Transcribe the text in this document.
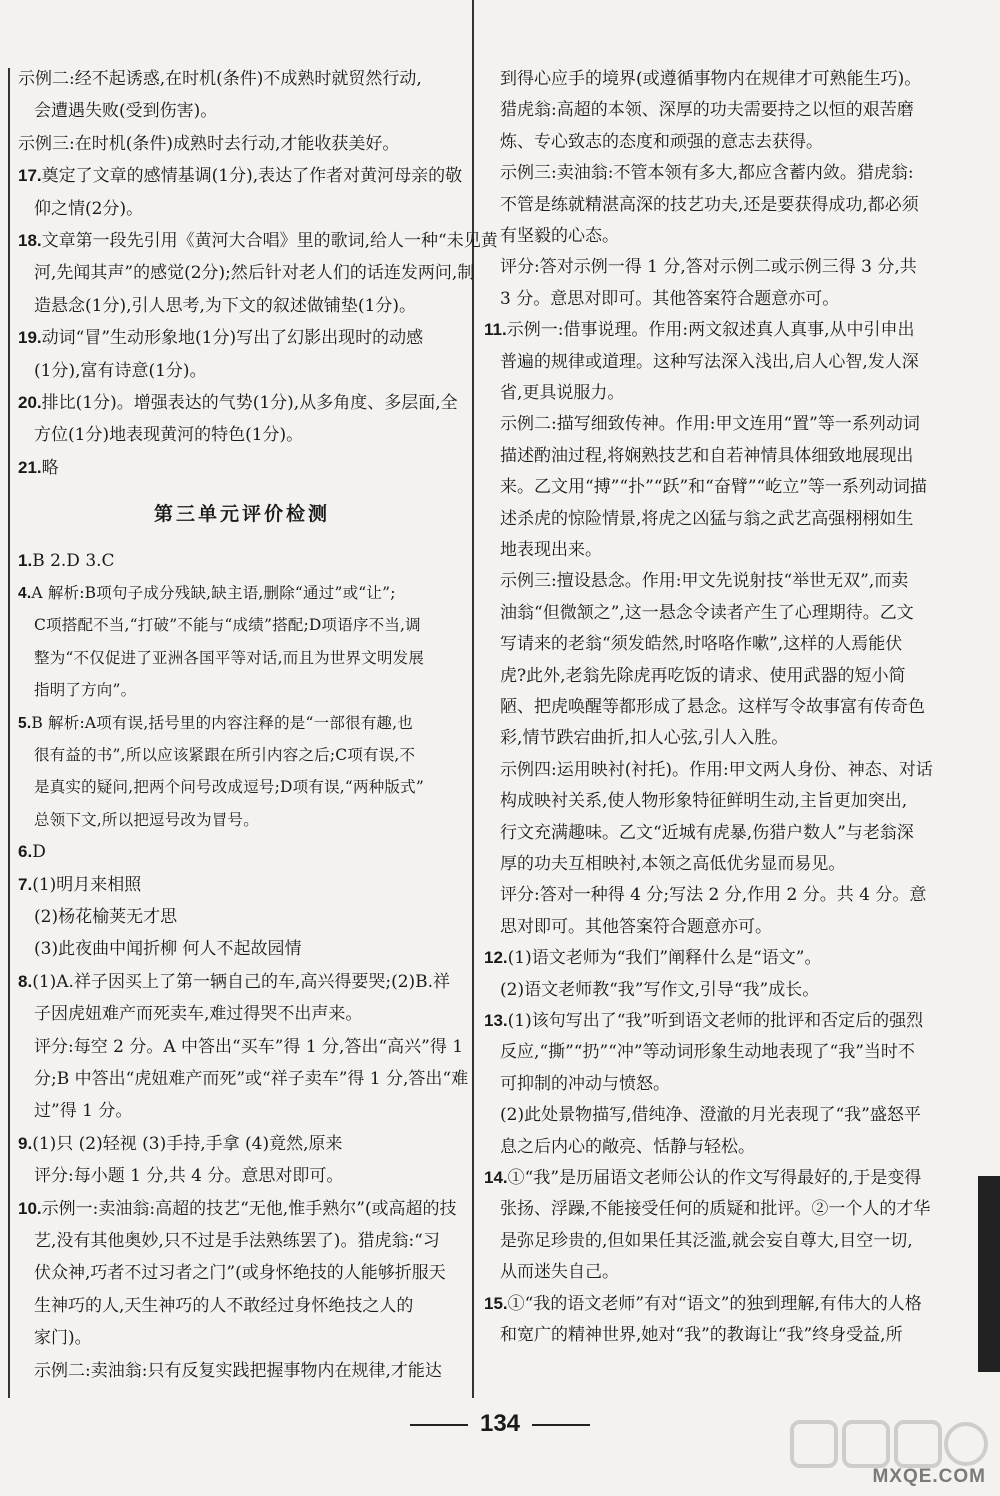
示例二:经不起诱惑,在时机(条件)不成熟时就贸然行动,
会遭遇失败(受到伤害)。
示例三:在时机(条件)成熟时去行动,才能收获美好。
17.奠定了文章的感情基调(1分),表达了作者对黄河母亲的敬
仰之情(2分)。
18.文章第一段先引用《黄河大合唱》里的歌词,给人一种“未见黄
河,先闻其声”的感觉(2分);然后针对老人们的话连发两问,制
造悬念(1分),引人思考,为下文的叙述做铺垫(1分)。
19.动词“冒”生动形象地(1分)写出了幻影出现时的动感
(1分),富有诗意(1分)。
20.排比(1分)。增强表达的气势(1分),从多角度、多层面,全
方位(1分)地表现黄河的特色(1分)。
21.略
第三单元评价检测
1.B 2.D 3.C
4.A 解析:B项句子成分残缺,缺主语,删除“通过”或“让”;
C项搭配不当,“打破”不能与“成绩”搭配;D项语序不当,调
整为“不仅促进了亚洲各国平等对话,而且为世界文明发展
指明了方向”。
5.B 解析:A项有误,括号里的内容注释的是“一部很有趣,也
很有益的书”,所以应该紧跟在所引内容之后;C项有误,不
是真实的疑问,把两个问号改成逗号;D项有误,“两种版式”
总领下文,所以把逗号改为冒号。
6.D
7.(1)明月来相照
(2)杨花榆荚无才思
(3)此夜曲中闻折柳 何人不起故园情
8.(1)A.祥子因买上了第一辆自己的车,高兴得要哭;(2)B.祥
子因虎妞难产而死卖车,难过得哭不出声来。
评分:每空 2 分。A 中答出“买车”得 1 分,答出“高兴”得 1
分;B 中答出“虎妞难产而死”或“祥子卖车”得 1 分,答出“难
过”得 1 分。
9.(1)只 (2)轻视 (3)手持,手拿 (4)竟然,原来
评分:每小题 1 分,共 4 分。意思对即可。
10.示例一:卖油翁:高超的技艺“无他,惟手熟尔”(或高超的技
艺,没有其他奥妙,只不过是手法熟练罢了)。猎虎翁:“习
伏众神,巧者不过习者之门”(或身怀绝技的人能够折服天
生神巧的人,天生神巧的人不敢经过身怀绝技之人的
家门)。
示例二:卖油翁:只有反复实践把握事物内在规律,才能达
到得心应手的境界(或遵循事物内在规律才可熟能生巧)。
猎虎翁:高超的本领、深厚的功夫需要持之以恒的艰苦磨
炼、专心致志的态度和顽强的意志去获得。
示例三:卖油翁:不管本领有多大,都应含蓄内敛。猎虎翁:
不管是练就精湛高深的技艺功夫,还是要获得成功,都必须
有坚毅的心态。
评分:答对示例一得 1 分,答对示例二或示例三得 3 分,共
3 分。意思对即可。其他答案符合题意亦可。
11.示例一:借事说理。作用:两文叙述真人真事,从中引申出
普遍的规律或道理。这种写法深入浅出,启人心智,发人深
省,更具说服力。
示例二:描写细致传神。作用:甲文连用“置”等一系列动词
描述酌油过程,将娴熟技艺和自若神情具体细致地展现出
来。乙文用“搏”“扑”“跃”和“奋臂”“屹立”等一系列动词描
述杀虎的惊险情景,将虎之凶猛与翁之武艺高强栩栩如生
地表现出来。
示例三:擅设悬念。作用:甲文先说射技“举世无双”,而卖
油翁“但微颔之”,这一悬念令读者产生了心理期待。乙文
写请来的老翁“须发皓然,时咯咯作嗽”,这样的人焉能伏
虎?此外,老翁先除虎再吃饭的请求、使用武器的短小简
陋、把虎唤醒等都形成了悬念。这样写令故事富有传奇色
彩,情节跌宕曲折,扣人心弦,引人入胜。
示例四:运用映衬(衬托)。作用:甲文两人身份、神态、对话
构成映衬关系,使人物形象特征鲜明生动,主旨更加突出,
行文充满趣味。乙文“近城有虎暴,伤猎户数人”与老翁深
厚的功夫互相映衬,本领之高低优劣显而易见。
评分:答对一种得 4 分;写法 2 分,作用 2 分。共 4 分。意
思对即可。其他答案符合题意亦可。
12.(1)语文老师为“我们”阐释什么是“语文”。
(2)语文老师教“我”写作文,引导“我”成长。
13.(1)该句写出了“我”听到语文老师的批评和否定后的强烈
反应,“撕”“扔”“冲”等动词形象生动地表现了“我”当时不
可抑制的冲动与愤怒。
(2)此处景物描写,借纯净、澄澈的月光表现了“我”盛怒平
息之后内心的敞亮、恬静与轻松。
14.①“我”是历届语文老师公认的作文写得最好的,于是变得
张扬、浮躁,不能接受任何的质疑和批评。②一个人的才华
是弥足珍贵的,但如果任其泛滥,就会妄自尊大,目空一切,
从而迷失自己。
15.①“我的语文老师”有对“语文”的独到理解,有伟大的人格
和宽广的精神世界,她对“我”的教诲让“我”终身受益,所
134
MXQE.COM
